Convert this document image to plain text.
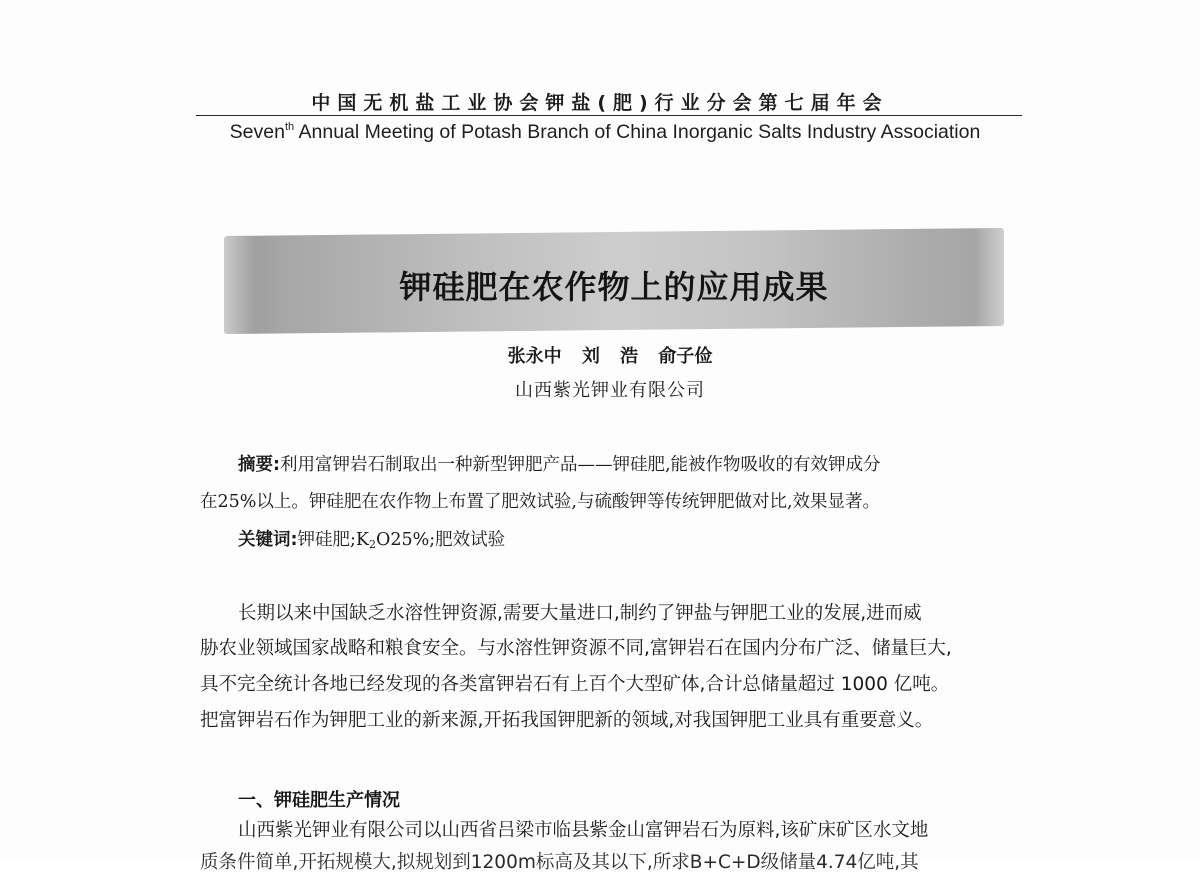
中国无机盐工业协会钾盐(肥)行业分会第七届年会
Seven$^{th}$ Annual Meeting of Potash Branch of China Inorganic Salts Industry Association
钾硅肥在农作物上的应用成果
张永中 刘 浩 俞子俭
山西紫光钾业有限公司
摘要:利用富钾岩石制取出一种新型钾肥产品——钾硅肥,能被作物吸收的有效钾成分
在25%以上。钾硅肥在农作物上布置了肥效试验,与硫酸钾等传统钾肥做对比,效果显著。
关键词:钾硅肥$;K_2O25\%$;肥效试验
长期以来中国缺乏水溶性钾资源,需要大量进口,制约了钾盐与钾肥工业的发展,进而威
胁农业领域国家战略和粮食安全。与水溶性钾资源不同,富钾岩石在国内分布广泛、储量巨大,
具不完全统计各地已经发现的各类富钾岩石有上百个大型矿体,合计总储量超过 1000 亿吨。
把富钾岩石作为钾肥工业的新来源,开拓我国钾肥新的领域,对我国钾肥工业具有重要意义。
一、钾硅肥生产情况
山西紫光钾业有限公司以山西省吕梁市临县紫金山富钾岩石为原料,该矿床矿区水文地
质条件简单,开拓规模大,拟规划到1200m标高及其以下,所求B+C+D级储量4.74亿吨,其
